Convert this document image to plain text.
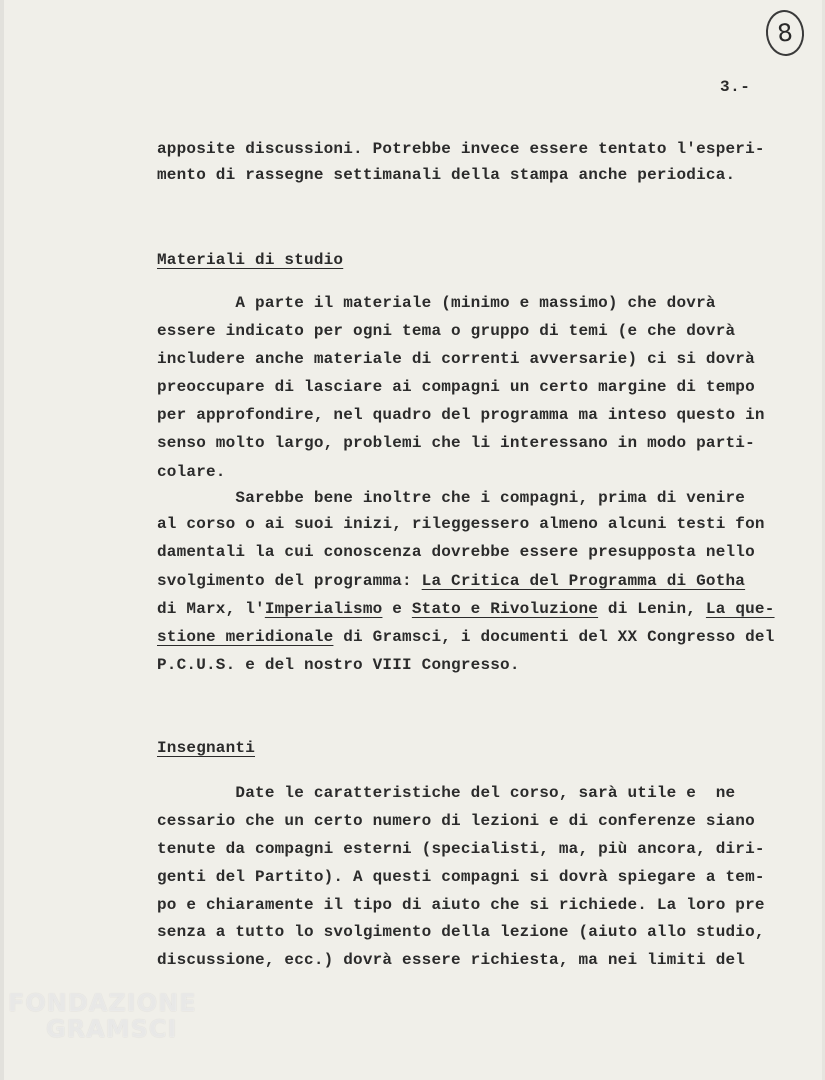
8
3.-
apposite discussioni. Potrebbe invece essere tentato l'esperi-
mento di rassegne settimanali della stampa anche periodica.
Materiali di studio
A parte il materiale (minimo e massimo) che dovrà
essere indicato per ogni tema o gruppo di temi (e che dovrà
includere anche materiale di correnti avversarie) ci si dovrà
preoccupare di lasciare ai compagni un certo margine di tempo
per approfondire, nel quadro del programma ma inteso questo in
senso molto largo, problemi che li interessano in modo parti-
colare.
Sarebbe bene inoltre che i compagni, prima di venire
al corso o ai suoi inizi, rileggessero almeno alcuni testi fon
damentali la cui conoscenza dovrebbe essere presupposta nello
svolgimento del programma: La Critica del Programma di Gotha
di Marx, l'Imperialismo e Stato e Rivoluzione di Lenin, La que-
stione meridionale di Gramsci, i documenti del XX Congresso del
P.C.U.S. e del nostro VIII Congresso.
Insegnanti
Date le caratteristiche del corso, sarà utile e  ne
cessario che un certo numero di lezioni e di conferenze siano
tenute da compagni esterni (specialisti, ma, più ancora, diri-
genti del Partito). A questi compagni si dovrà spiegare a tem-
po e chiaramente il tipo di aiuto che si richiede. La loro pre
senza a tutto lo svolgimento della lezione (aiuto allo studio,
discussione, ecc.) dovrà essere richiesta, ma nei limiti del
FONDAZIONE
GRAMSCI
